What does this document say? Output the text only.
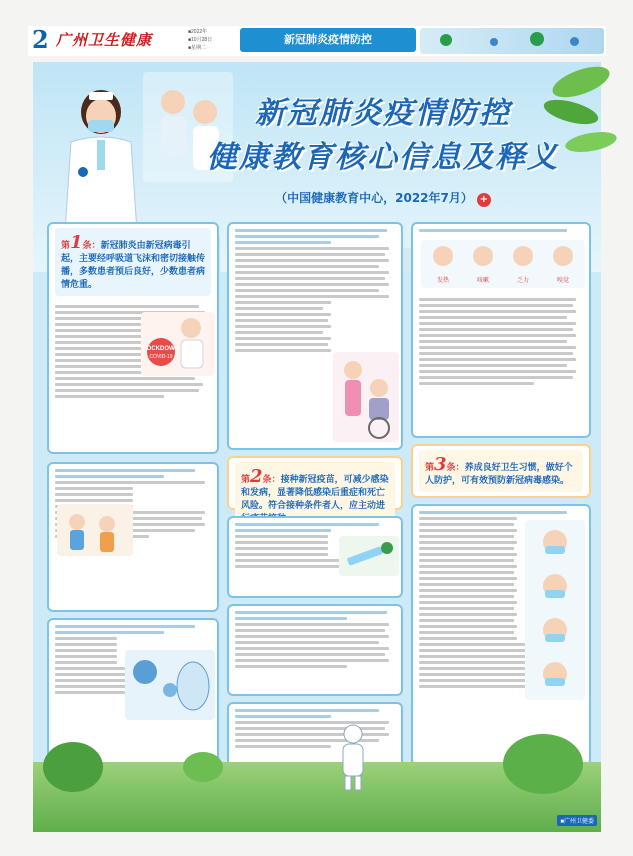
2 广州卫生健康	■2022年
■10月28日
■星期二
新冠肺炎疫情防控
新冠肺炎疫情防控
健康教育核心信息及释义
（中国健康教育中心，2022年7月） +
第1条：新冠肺炎由新冠病毒引起，主要经呼吸道飞沫和密切接触传播，多数患者预后良好，少数患者病情危重。
LOCKDOWN
COVID-19
第2条：接种新冠疫苗，可减少感染和发病，显著降低感染后重症和死亡风险。符合接种条件者人，应主动进
发热	咳嗽	乏力	嗅觉
第3条：养成良好卫生习惯，做好个人防护，可有效预防新冠病毒感染。
■广州卫健委
